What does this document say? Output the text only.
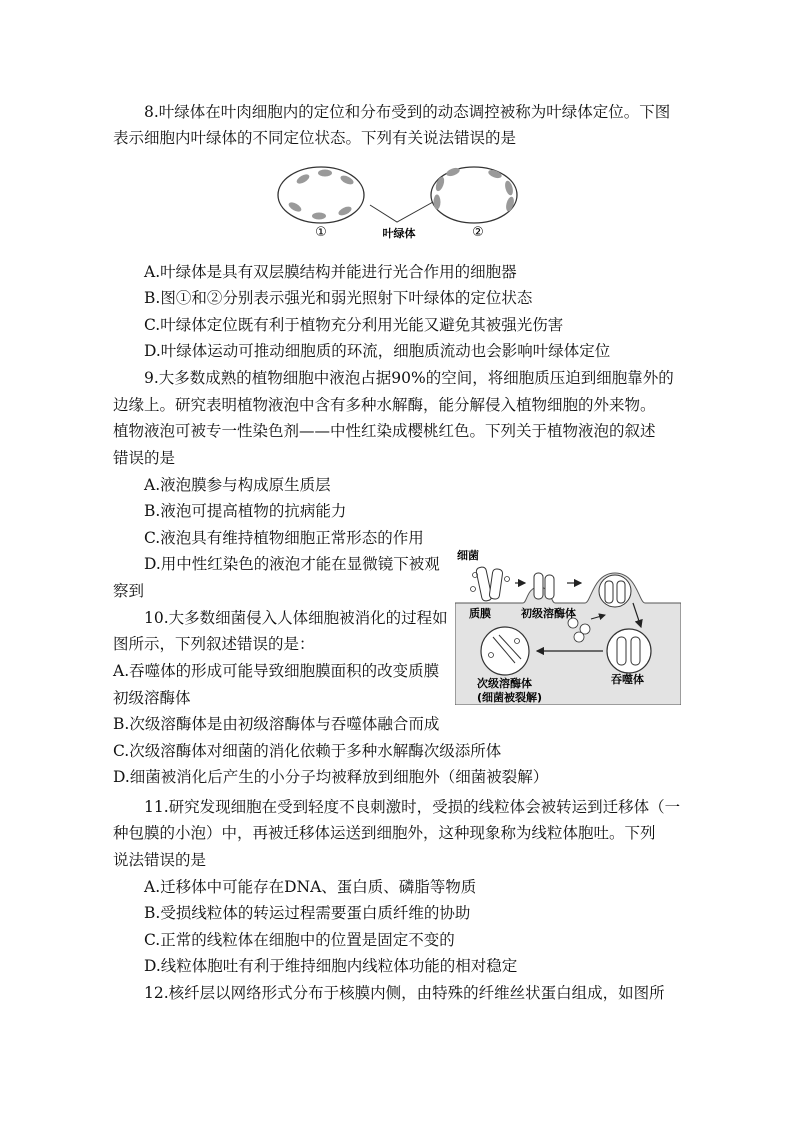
8.叶绿体在叶肉细胞内的定位和分布受到的动态调控被称为叶绿体定位。下图
表示细胞内叶绿体的不同定位状态。下列有关说法错误的是
①	叶绿体	②
A.叶绿体是具有双层膜结构并能进行光合作用的细胞器
B.图①和②分别表示强光和弱光照射下叶绿体的定位状态
C.叶绿体定位既有利于植物充分利用光能又避免其被强光伤害
D.叶绿体运动可推动细胞质的环流，细胞质流动也会影响叶绿体定位
9.大多数成熟的植物细胞中液泡占据90%的空间，将细胞质压迫到细胞靠外的
边缘上。研究表明植物液泡中含有多种水解酶，能分解侵入植物细胞的外来物。
植物液泡可被专一性染色剂——中性红染成樱桃红色。下列关于植物液泡的叙述
错误的是
A.液泡膜参与构成原生质层
B.液泡可提高植物的抗病能力
C.液泡具有维持植物细胞正常形态的作用
D.用中性红染色的液泡才能在显微镜下被观
察到
10.大多数细菌侵入人体细胞被消化的过程如
图所示，下列叙述错误的是：
A.吞噬体的形成可能导致细胞膜面积的改变质膜
初级溶酶体
B.次级溶酶体是由初级溶酶体与吞噬体融合而成
C.次级溶酶体对细菌的消化依赖于多种水解酶次级添所体
D.细菌被消化后产生的小分子均被释放到细胞外（细菌被裂解）
细菌
质膜	初级溶酶体
吞噬体
次级溶酶体
(细菌被裂解)
11.研究发现细胞在受到轻度不良刺激时，受损的线粒体会被转运到迁移体（一
种包膜的小泡）中，再被迁移体运送到细胞外，这种现象称为线粒体胞吐。下列
说法错误的是
A.迁移体中可能存在DNA、蛋白质、磷脂等物质
B.受损线粒体的转运过程需要蛋白质纤维的协助
C.正常的线粒体在细胞中的位置是固定不变的
D.线粒体胞吐有利于维持细胞内线粒体功能的相对稳定
12.核纤层以网络形式分布于核膜内侧，由特殊的纤维丝状蛋白组成，如图所
